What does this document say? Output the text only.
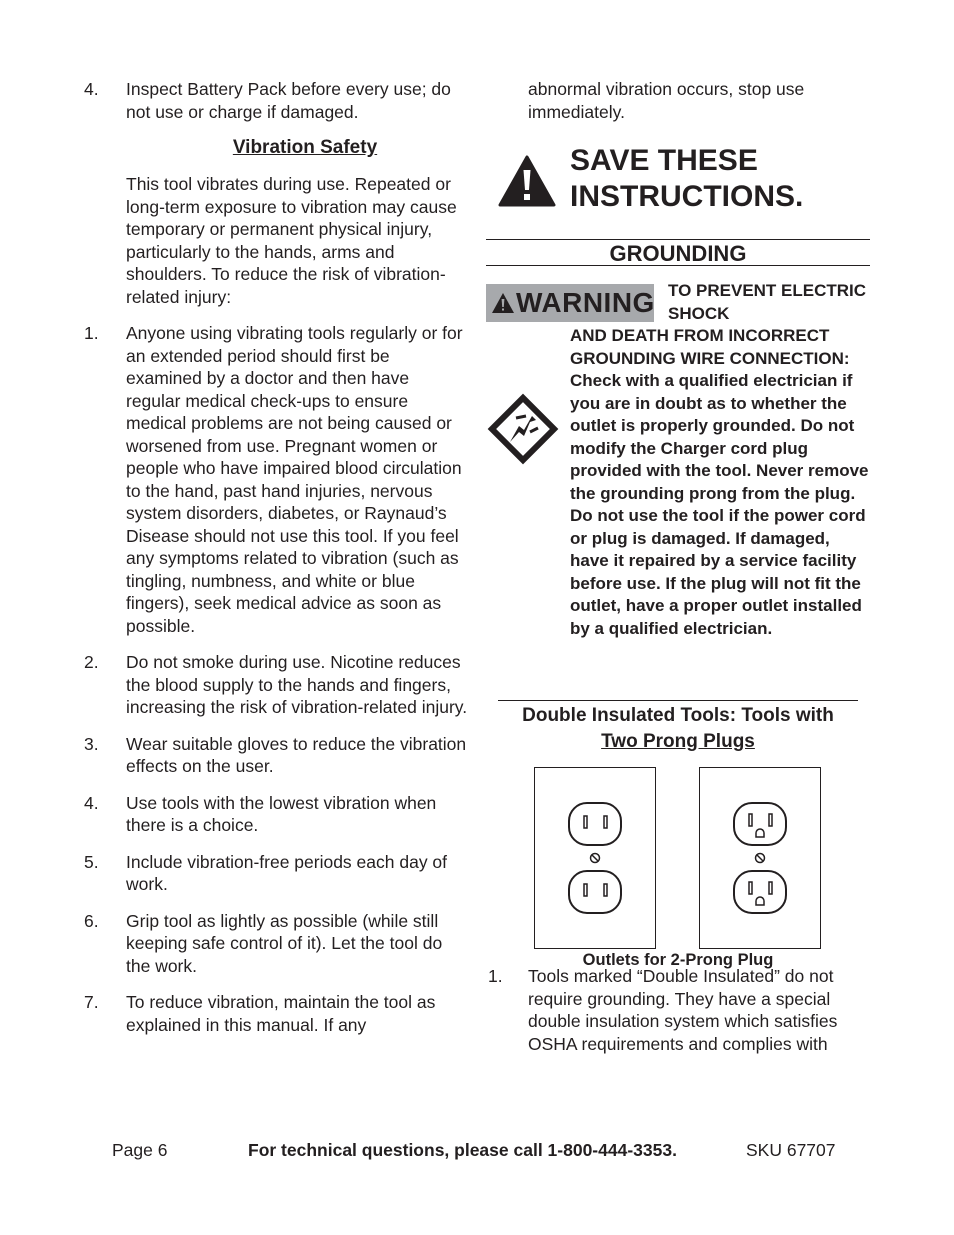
4. Inspect Battery Pack before every use; do not use or charge if damaged.
Vibration Safety

This tool vibrates during use. Repeated or long-term exposure to vibration may cause temporary or permanent physical injury, particularly to the hands, arms and shoulders. To reduce the risk of vibration-related injury:

1. Anyone using vibrating tools regularly or for an extended period should first be examined by a doctor and then have regular medical check-ups to ensure medical problems are not being caused or worsened from use. Pregnant women or people who have impaired blood circulation to the hand, past hand injuries, nervous system disorders, diabetes, or Raynaud’s Disease should not use this tool. If you feel any symptoms related to vibration (such as tingling, numbness, and white or blue fingers), seek medical advice as soon as possible.
2. Do not smoke during use. Nicotine reduces the blood supply to the hands and fingers, increasing the risk of vibration-related injury.
3. Wear suitable gloves to reduce the vibration effects on the user.
4. Use tools with the lowest vibration when there is a choice.
5. Include vibration-free periods each day of work.
6. Grip tool as lightly as possible (while still keeping safe control of it). Let the tool do the work.
7. To reduce vibration, maintain the tool as explained in this manual. If any
abnormal vibration occurs, stop use immediately.
SAVE THESE INSTRUCTIONS.
GROUNDING
WARNING TO PREVENT ELECTRIC SHOCK
AND DEATH FROM INCORRECT GROUNDING WIRE CONNECTION:
Check with a qualified electrician if you are in doubt as to whether the outlet is properly grounded. Do not modify the Charger cord plug provided with the tool. Never remove the grounding prong from the plug. Do not use the tool if the power cord or plug is damaged. If damaged, have it repaired by a service facility before use. If the plug will not fit the outlet, have a proper outlet installed by a qualified electrician.
Double Insulated Tools: Tools with
Two Prong Plugs
Outlets for 2-Prong Plug
1. Tools marked “Double Insulated” do not require grounding. They have a special double insulation system which satisfies OSHA requirements and complies with
Page 6	For technical questions, please call 1-800-444-3353.	SKU 67707
